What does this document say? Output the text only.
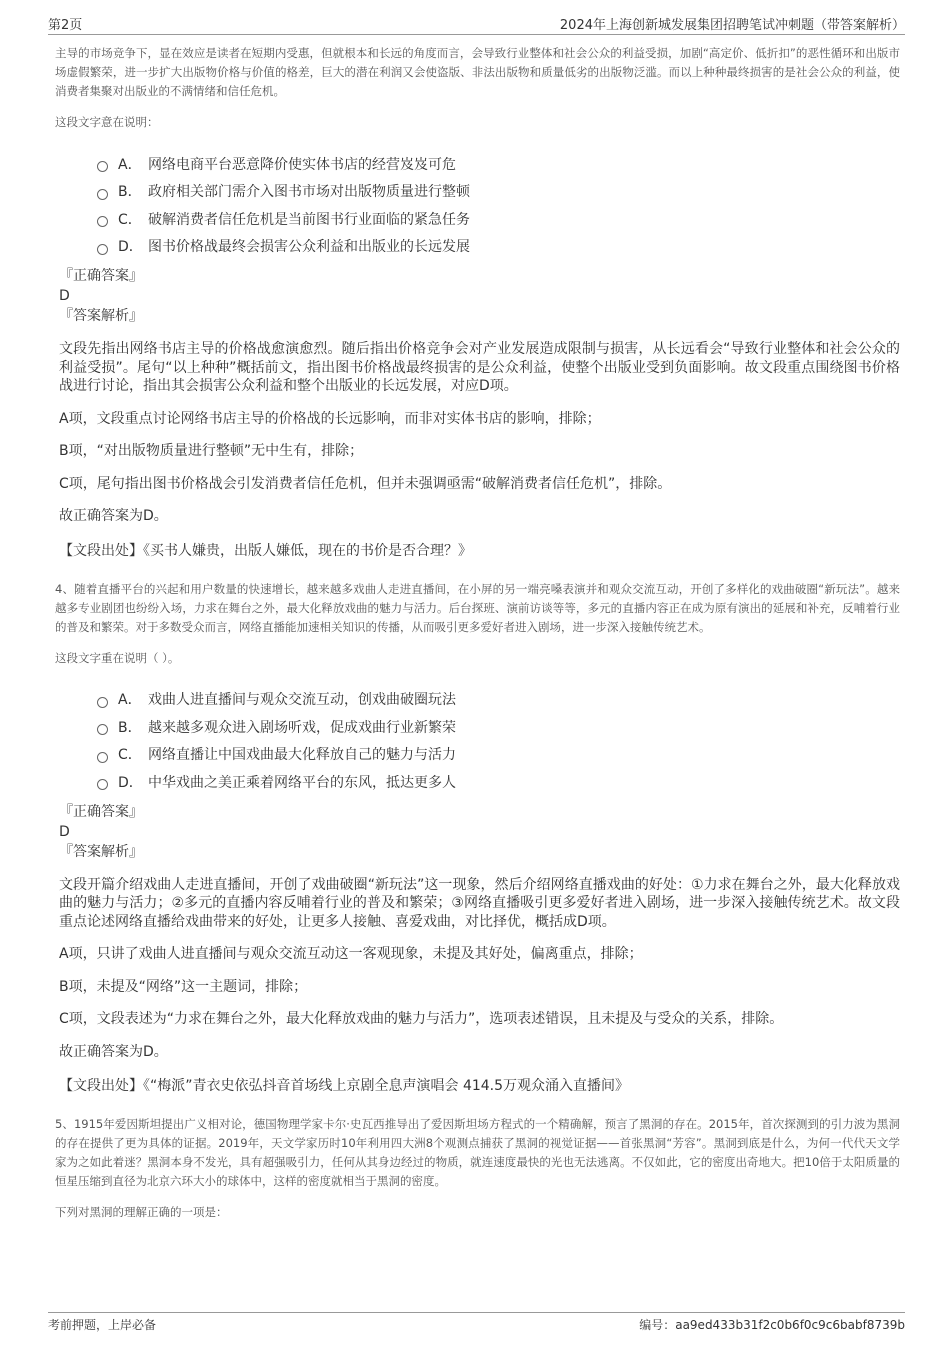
第2页	2024年上海创新城发展集团招聘笔试冲刺题（带答案解析）

主导的市场竞争下，显在效应是读者在短期内受惠，但就根本和长远的角度而言，会导致行业整体和社会公众的利益受损，加剧“高定价、低折扣”的恶性循环和出版市场虚假繁荣，进一步扩大出版物价格与价值的格差，巨大的潜在利润又会使盗版、非法出版物和质量低劣的出版物泛滥。而以上种种最终损害的是社会公众的利益，使消费者集聚对出版业的不满情绪和信任危机。

这段文字意在说明：

A． 网络电商平台恶意降价使实体书店的经营岌岌可危
B． 政府相关部门需介入图书市场对出版物质量进行整顿
C． 破解消费者信任危机是当前图书行业面临的紧急任务
D． 图书价格战最终会损害公众利益和出版业的长远发展
『正确答案』
D
『答案解析』

文段先指出网络书店主导的价格战愈演愈烈。随后指出价格竞争会对产业发展造成限制与损害，从长远看会“导致行业整体和社会公众的利益受损”。尾句“以上种种”概括前文，指出图书价格战最终损害的是公众利益，使整个出版业受到负面影响。故文段重点围绕图书价格战进行讨论，指出其会损害公众利益和整个出版业的长远发展，对应D项。

A项，文段重点讨论网络书店主导的价格战的长远影响，而非对实体书店的影响，排除；

B项，“对出版物质量进行整顿”无中生有，排除；

C项，尾句指出图书价格战会引发消费者信任危机，但并未强调亟需“破解消费者信任危机”，排除。

故正确答案为D。

【文段出处】《买书人嫌贵，出版人嫌低，现在的书价是否合理？》

4、随着直播平台的兴起和用户数量的快速增长，越来越多戏曲人走进直播间，在小屏的另一端亮嗓表演并和观众交流互动，开创了多样化的戏曲破圈“新玩法”。越来越多专业剧团也纷纷入场，力求在舞台之外，最大化释放戏曲的魅力与活力。后台探班、演前访谈等等，多元的直播内容正在成为原有演出的延展和补充，反哺着行业的普及和繁荣。对于多数受众而言，网络直播能加速相关知识的传播，从而吸引更多爱好者进入剧场，进一步深入接触传统艺术。

这段文字重在说明（ ）。

A． 戏曲人进直播间与观众交流互动，创戏曲破圈玩法
B． 越来越多观众进入剧场听戏，促成戏曲行业新繁荣
C． 网络直播让中国戏曲最大化释放自己的魅力与活力
D． 中华戏曲之美正乘着网络平台的东风，抵达更多人
『正确答案』
D
『答案解析』

文段开篇介绍戏曲人走进直播间，开创了戏曲破圈“新玩法”这一现象，然后介绍网络直播戏曲的好处：①力求在舞台之外，最大化释放戏曲的魅力与活力；②多元的直播内容反哺着行业的普及和繁荣；③网络直播吸引更多爱好者进入剧场，进一步深入接触传统艺术。故文段重点论述网络直播给戏曲带来的好处，让更多人接触、喜爱戏曲，对比择优，概括成D项。

A项，只讲了戏曲人进直播间与观众交流互动这一客观现象，未提及其好处，偏离重点，排除；

B项，未提及“网络”这一主题词，排除；

C项，文段表述为“力求在舞台之外，最大化释放戏曲的魅力与活力”，选项表述错误，且未提及与受众的关系，排除。

故正确答案为D。

【文段出处】《“梅派”青衣史依弘抖音首场线上京剧全息声演唱会 414.5万观众涌入直播间》

5、1915年爱因斯坦提出广义相对论，德国物理学家卡尔·史瓦西推导出了爱因斯坦场方程式的一个精确解，预言了黑洞的存在。2015年，首次探测到的引力波为黑洞的存在提供了更为具体的证据。2019年，天文学家历时10年利用四大洲8个观测点捕获了黑洞的视觉证据——首张黑洞“芳容”。黑洞到底是什么，为何一代代天文学家为之如此着迷？黑洞本身不发光，具有超强吸引力，任何从其身边经过的物质，就连速度最快的光也无法逃离。不仅如此，它的密度出奇地大。把10倍于太阳质量的恒星压缩到直径为北京六环大小的球体中，这样的密度就相当于黑洞的密度。

下列对黑洞的理解正确的一项是：

考前押题，上岸必备	编号：aa9ed433b31f2c0b6f0c9c6babf8739b
